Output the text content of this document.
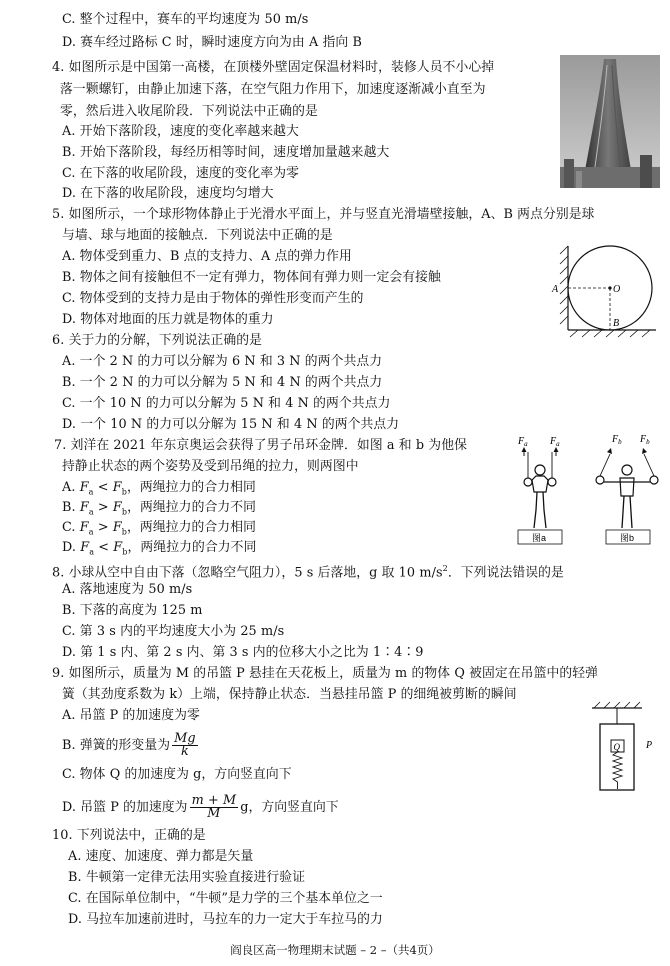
C. 整个过程中，赛车的平均速度为 50 m/s
D. 赛车经过路标 C 时，瞬时速度方向为由 A 指向 B
4. 如图所示是中国第一高楼，在顶楼外壁固定保温材料时，装修人员不小心掉
落一颗螺钉，由静止加速下落，在空气阻力作用下，加速度逐渐减小直至为
零，然后进入收尾阶段．下列说法中正确的是
A. 开始下落阶段，速度的变化率越来越大
B. 开始下落阶段，每经历相等时间，速度增加量越来越大
C. 在下落的收尾阶段，速度的变化率为零
D. 在下落的收尾阶段，速度均匀增大
5. 如图所示，一个球形物体静止于光滑水平面上，并与竖直光滑墙壁接触，A、B 两点分别是球
与墙、球与地面的接触点．下列说法中正确的是
A. 物体受到重力、B 点的支持力、A 点的弹力作用
B. 物体之间有接触但不一定有弹力，物体间有弹力则一定会有接触
C. 物体受到的支持力是由于物体的弹性形变而产生的
D. 物体对地面的压力就是物体的重力
6. 关于力的分解，下列说法正确的是
A. 一个 2 N 的力可以分解为 6 N 和 3 N 的两个共点力
B. 一个 2 N 的力可以分解为 5 N 和 4 N 的两个共点力
C. 一个 10 N 的力可以分解为 5 N 和 4 N 的两个共点力
D. 一个 10 N 的力可以分解为 15 N 和 4 N 的两个共点力
7. 刘洋在 2021 年东京奥运会获得了男子吊环金牌．如图 a 和 b 为他保
持静止状态的两个姿势及受到吊绳的拉力，则两图中
A. $F_a < F_b$，两绳拉力的合力相同
B. $F_a > F_b$，两绳拉力的合力不同
C. $F_a > F_b$，两绳拉力的合力相同
D. $F_a < F_b$，两绳拉力的合力不同
8. 小球从空中自由下落（忽略空气阻力），5 s 后落地，g 取 10 $m/s^2$．下列说法错误的是
A. 落地速度为 50 m/s
B. 下落的高度为 125 m
C. 第 3 s 内的平均速度大小为 25 m/s
D. 第 1 s 内、第 2 s 内、第 3 s 内的位移大小之比为 1∶4∶9
9. 如图所示，质量为 M 的吊篮 P 悬挂在天花板上，质量为 m 的物体 Q 被固定在吊篮中的轻弹
簧（其劲度系数为 k）上端，保持静止状态．当悬挂吊篮 P 的细绳被剪断的瞬间
A. 吊篮 P 的加速度为零
B. 弹簧的形变量为 $\frac{Mg}{k}$
C. 物体 Q 的加速度为 g，方向竖直向下
D. 吊篮 P 的加速度为 $\frac{m + M}{M}$ g，方向竖直向下
10. 下列说法中，正确的是
A. 速度、加速度、弹力都是矢量
B. 牛顿第一定律无法用实验直接进行验证
C. 在国际单位制中，“牛顿”是力学的三个基本单位之一
D. 马拉车加速前进时，马拉车的力一定大于车拉马的力
阎良区高一物理期末试题 – 2 –（共4页）
A	O
B
$F_a$ $F_a$
图a
$F_b$ $F_b$
图b
Q	P
